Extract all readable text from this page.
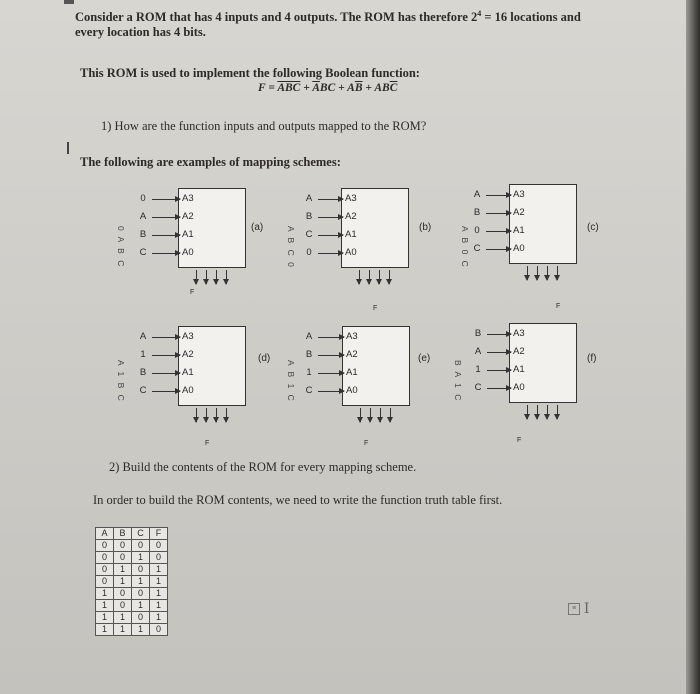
Consider a ROM that has 4 inputs and 4 outputs. The ROM has therefore $2^4 = 16$ locations and
every location has 4 bits.
This ROM is used to implement the following Boolean function:
$F = \overline{A}\overline{BC} + \overline{A}BC + A\overline{B} + AB\overline{C}$
1) How are the function inputs and outputs mapped to the ROM?
The following are examples of mapping schemes:
A3
0
A2
A
A1
B
A0
C
F
(a)
0 A B C
A3
A
A2
B
A1
C
A0
0
F
(b)
A B C 0
A3
A
A2
B
A1
0
A0
C
F
(c)
A B 0 C
A3
A
A2
1
A1
B
A0
C
F
(d)
A 1 B C
A3
A
A2
B
A1
1
A0
C
F
(e)
A B 1 C
A3
B
A2
A
A1
1
A0
C
F
(f)
B A 1 C
2) Build the contents of the ROM for every mapping scheme.
In order to build the ROM contents, we need to write the function truth table first.
A	B	C	F
0	0	0	0
0	0	1	0
0	1	0	1
0	1	1	1
1	0	0	1
1	0	1	1
1	1	0	1
1	1	1	0
≡ I
